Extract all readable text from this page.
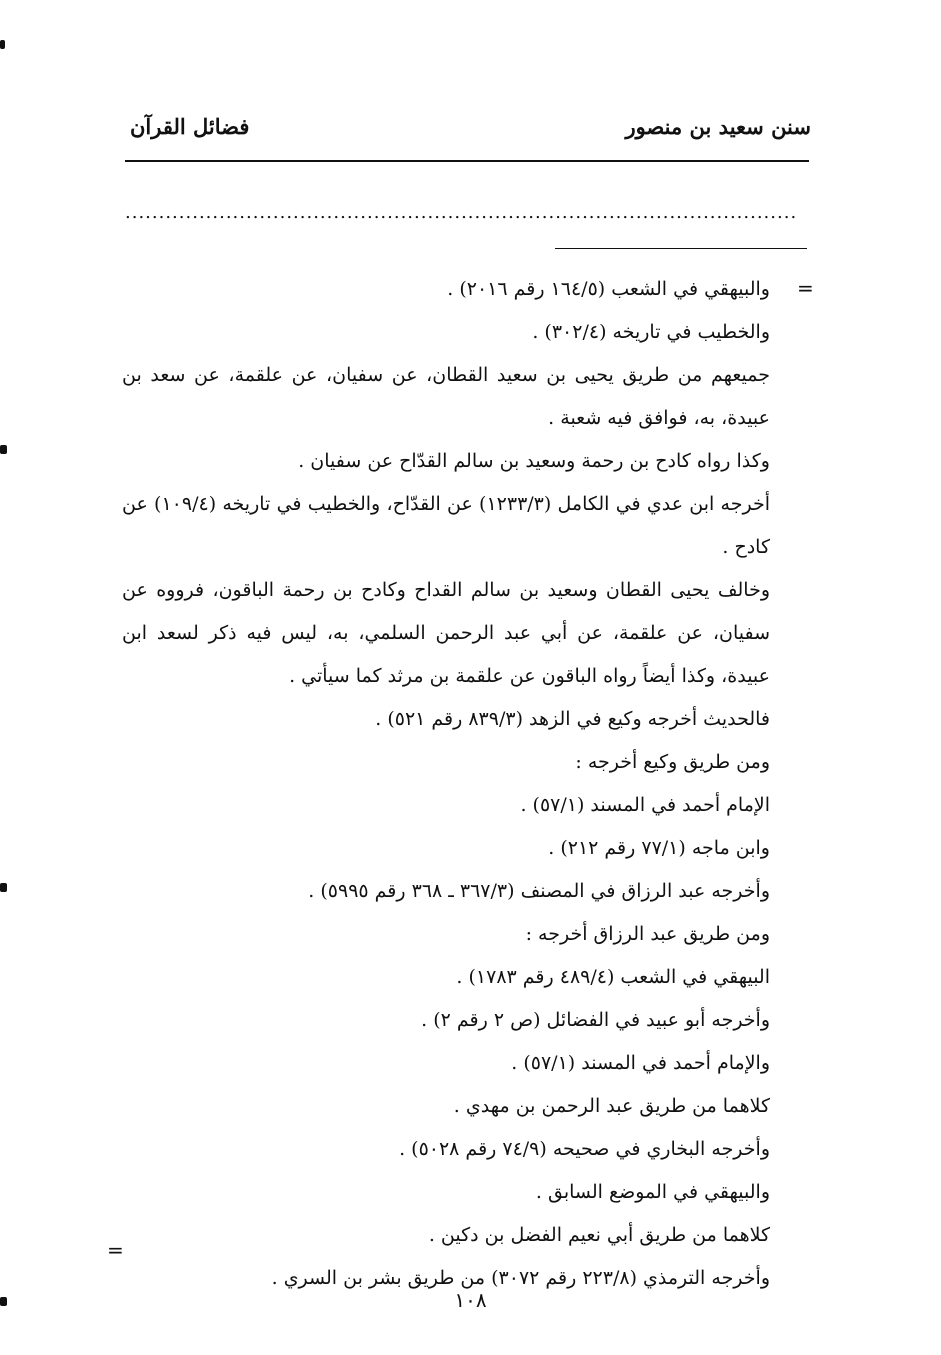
سنن سعيد بن منصور
فضائل القرآن
....................................................................................................
=

والبيهقي في الشعب (١٦٤/٥ رقم ٢٠١٦) .

والخطيب في تاريخه (٣٠٢/٤) .

جميعهم من طريق يحيى بن سعيد القطان، عن سفيان، عن علقمة، عن سعد بن عبيدة، به، فوافق فيه شعبة .

وكذا رواه كادح بن رحمة وسعيد بن سالم القدّاح عن سفيان .

أخرجه ابن عدي في الكامل (١٢٣٣/٣) عن القدّاح، والخطيب في تاريخه (١٠٩/٤) عن كادح .

وخالف يحيى القطان وسعيد بن سالم القداح وكادح بن رحمة الباقون، فرووه عن سفيان، عن علقمة، عن أبي عبد الرحمن السلمي، به، ليس فيه ذكر لسعد ابن عبيدة، وكذا أيضاً رواه الباقون عن علقمة بن مرثد كما سيأتي .

فالحديث أخرجه وكيع في الزهد (٨٣٩/٣ رقم ٥٢١) .

ومن طريق وكيع أخرجه :

الإمام أحمد في المسند (٥٧/١) .

وابن ماجه (٧٧/١ رقم ٢١٢) .

وأخرجه عبد الرزاق في المصنف (٣٦٧/٣ ـ ٣٦٨ رقم ٥٩٩٥) .

ومن طريق عبد الرزاق أخرجه :

البيهقي في الشعب (٤٨٩/٤ رقم ١٧٨٣) .

وأخرجه أبو عبيد في الفضائل (ص ٢ رقم ٢) .

والإمام أحمد في المسند (٥٧/١) .

كلاهما من طريق عبد الرحمن بن مهدي .

وأخرجه البخاري في صحيحه (٧٤/٩ رقم ٥٠٢٨) .

والبيهقي في الموضع السابق .

كلاهما من طريق أبي نعيم الفضل بن دكين .

وأخرجه الترمذي (٢٢٣/٨ رقم ٣٠٧٢) من طريق بشر بن السري .

=
١٠٨
